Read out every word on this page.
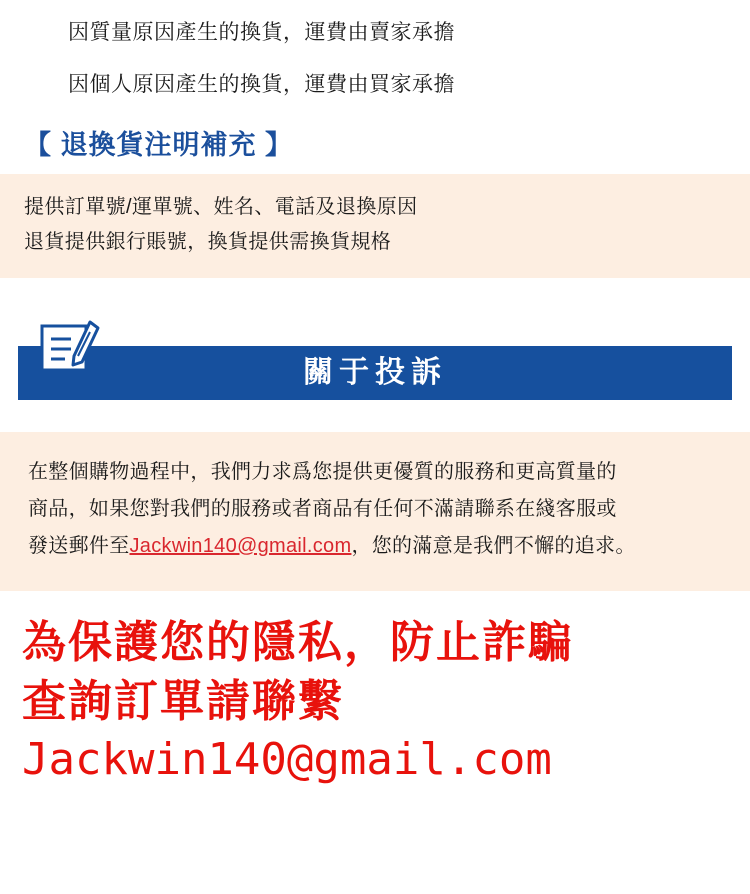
因質量原因產生的換貨，運費由賣家承擔
因個人原因產生的換貨，運費由買家承擔
【 退換貨注明補充 】
提供訂單號/運單號、姓名、電話及退換原因
退貨提供銀行賬號，換貨提供需換貨規格
關于投訴
在整個購物過程中，我們力求爲您提供更優質的服務和更高質量的
商品，如果您對我們的服務或者商品有任何不滿請聯系在綫客服或
發送郵件至Jackwin140@gmail.com，您的滿意是我們不懈的追求。
為保護您的隱私，防止詐騙
查詢訂單請聯繫
Jackwin140@gmail.com
